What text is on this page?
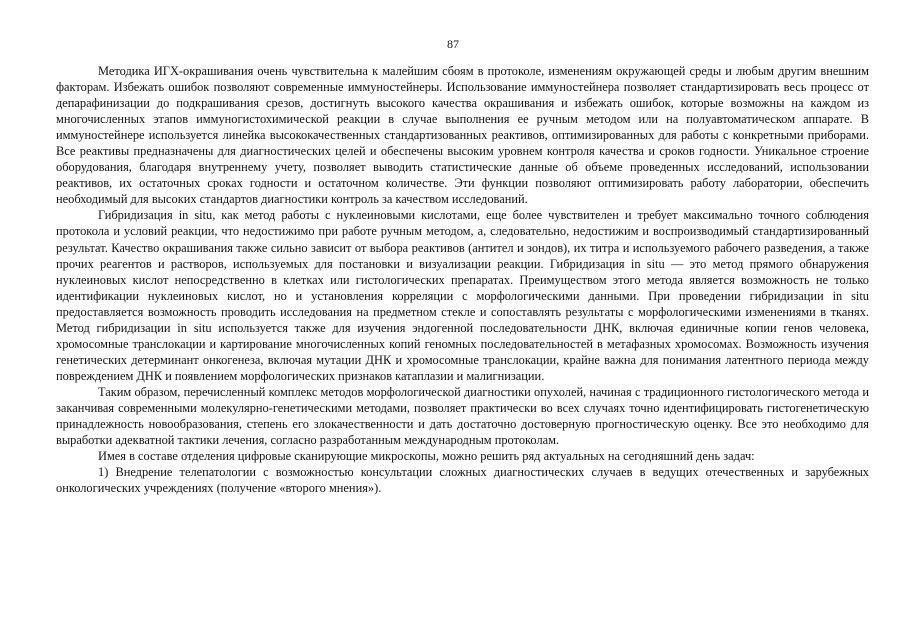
87

Методика ИГХ-окрашивания очень чувствительна к малейшим сбоям в протоколе, изменениям окружающей среды и любым другим внешним факторам. Избежать ошибок позволяют современные иммуностейнеры. Использование иммуностейнера позволяет стандартизировать весь процесс от депарафинизации до подкрашивания срезов, достигнуть высокого качества окрашивания и избежать ошибок, которые возможны на каждом из многочисленных этапов иммуногистохимической реакции в случае выполнения ее ручным методом или на полуавтоматическом аппарате. В иммуностейнере используется линейка высококачественных стандартизованных реактивов, оптимизированных для работы с конкретными приборами. Все реактивы предназначены для диагностических целей и обеспечены высоким уровнем контроля качества и сроков годности. Уникальное строение оборудования, благодаря внутреннему учету, позволяет выводить статистические данные об объеме проведенных исследований, использовании реактивов, их остаточных сроках годности и остаточном количестве. Эти функции позволяют оптимизировать работу лаборатории, обеспечить необходимый для высоких стандартов диагностики контроль за качеством исследований.

Гибридизация in situ, как метод работы с нуклеиновыми кислотами, еще более чувствителен и требует максимально точного соблюдения протокола и условий реакции, что недостижимо при работе ручным методом, а, следовательно, недостижим и воспроизводимый стандартизированный результат. Качество окрашивания также сильно зависит от выбора реактивов (антител и зондов), их титра и используемого рабочего разведения, а также прочих реагентов и растворов, используемых для постановки и визуализации реакции. Гибридизация in situ — это метод прямого обнаружения нуклеиновых кислот непосредственно в клетках или гистологических препаратах. Преимуществом этого метода является возможность не только идентификации нуклеиновых кислот, но и установления корреляции с морфологическими данными. При проведении гибридизации in situ предоставляется возможность проводить исследования на предметном стекле и сопоставлять результаты с морфологическими изменениями в тканях. Метод гибридизации in situ используется также для изучения эндогенной последовательности ДНК, включая единичные копии генов человека, хромосомные транслокации и картирование многочисленных копий геномных последовательностей в метафазных хромосомах. Возможность изучения генетических детерминант онкогенеза, включая мутации ДНК и хромосомные транслокации, крайне важна для понимания латентного периода между повреждением ДНК и появлением морфологических признаков катаплазии и малигнизации.

Таким образом, перечисленный комплекс методов морфологической диагностики опухолей, начиная с традиционного гистологического метода и заканчивая современными молекулярно-генетическими методами, позволяет практически во всех случаях точно идентифицировать гистогенетическую принадлежность новообразования, степень его злокачественности и дать достаточно достоверную прогностическую оценку. Все это необходимо для выработки адекватной тактики лечения, согласно разработанным международным протоколам.

Имея в составе отделения цифровые сканирующие микроскопы, можно решить ряд актуальных на сегодняшний день задач:

1) Внедрение телепатологии с возможностью консультации сложных диагностических случаев в ведущих отечественных и зарубежных онкологических учреждениях (получение «второго мнения»).
